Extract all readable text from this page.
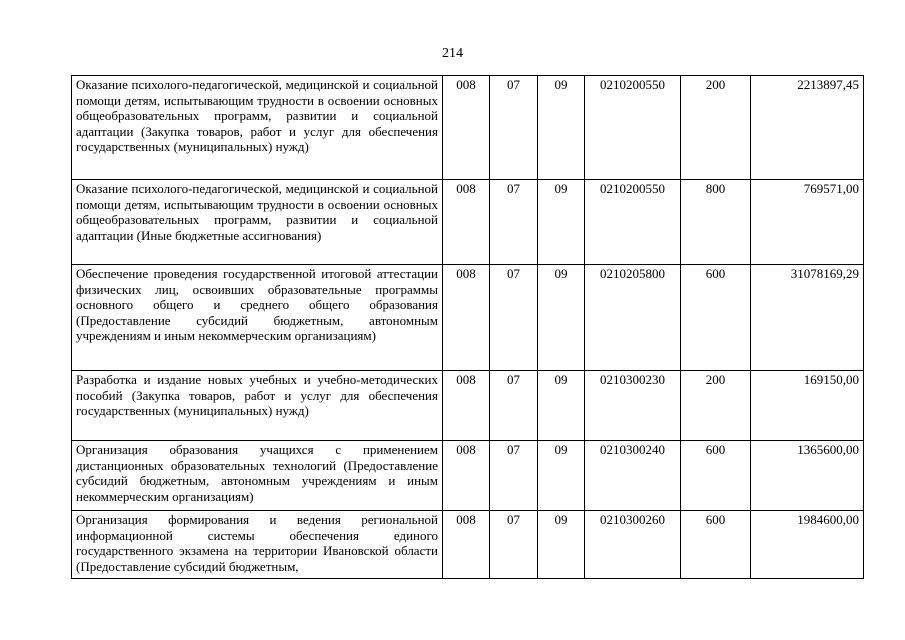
214
Оказание психолого-педагогической, медицинской и социальной помощи детям, испытывающим трудности в освоении основных общеобразовательных программ, развитии и социальной адаптации (Закупка товаров, работ и услуг для обеспечения государственных (муниципальных) нужд)	008	07	09	0210200550	200	2213897,45
Оказание психолого-педагогической, медицинской и социальной помощи детям, испытывающим трудности в освоении основных общеобразовательных программ, развитии и социальной адаптации (Иные бюджетные ассигнования)	008	07	09	0210200550	800	769571,00
Обеспечение проведения государственной итоговой аттестации физических лиц, освоивших образовательные программы основного общего и среднего общего образования (Предоставление субсидий бюджетным, автономным учреждениям и иным некоммерческим организациям)	008	07	09	0210205800	600	31078169,29
Разработка и издание новых учебных и учебно-методических пособий (Закупка товаров, работ и услуг для обеспечения государственных (муниципальных) нужд)	008	07	09	0210300230	200	169150,00
Организация образования учащихся с применением дистанционных образовательных технологий (Предоставление субсидий бюджетным, автономным учреждениям и иным некоммерческим организациям)	008	07	09	0210300240	600	1365600,00
Организация формирования и ведения региональной информационной системы обеспечения единого государственного экзамена на территории Ивановской области (Предоставление субсидий бюджетным,	008	07	09	0210300260	600	1984600,00
